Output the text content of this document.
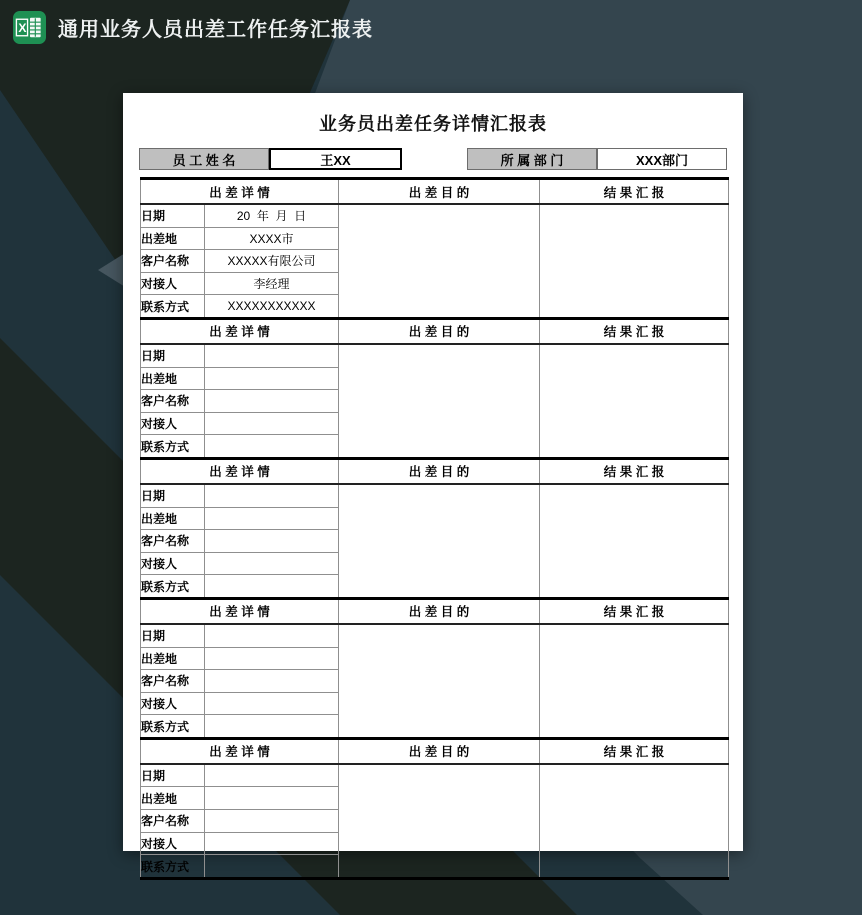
X 通用业务人员出差工作任务汇报表
业务员出差任务详情汇报表
员 工 姓 名	王XX	所 属 部 门	XXX部门
出 差 详 情		出 差 目 的	结 果 汇 报
日期	20  年  月  日		
出差地	XXXX市		
客户名称	XXXXX有限公司		
对接人	李经理		
联系方式	XXXXXXXXXXX		
出 差 详 情		出 差 目 的	结 果 汇 报
日期			
出差地			
客户名称			
对接人			
联系方式			
出 差 详 情		出 差 目 的	结 果 汇 报
日期			
出差地			
客户名称			
对接人			
联系方式			
出 差 详 情		出 差 目 的	结 果 汇 报
日期			
出差地			
客户名称			
对接人			
联系方式			
出 差 详 情		出 差 目 的	结 果 汇 报
日期			
出差地			
客户名称			
对接人			
联系方式			
